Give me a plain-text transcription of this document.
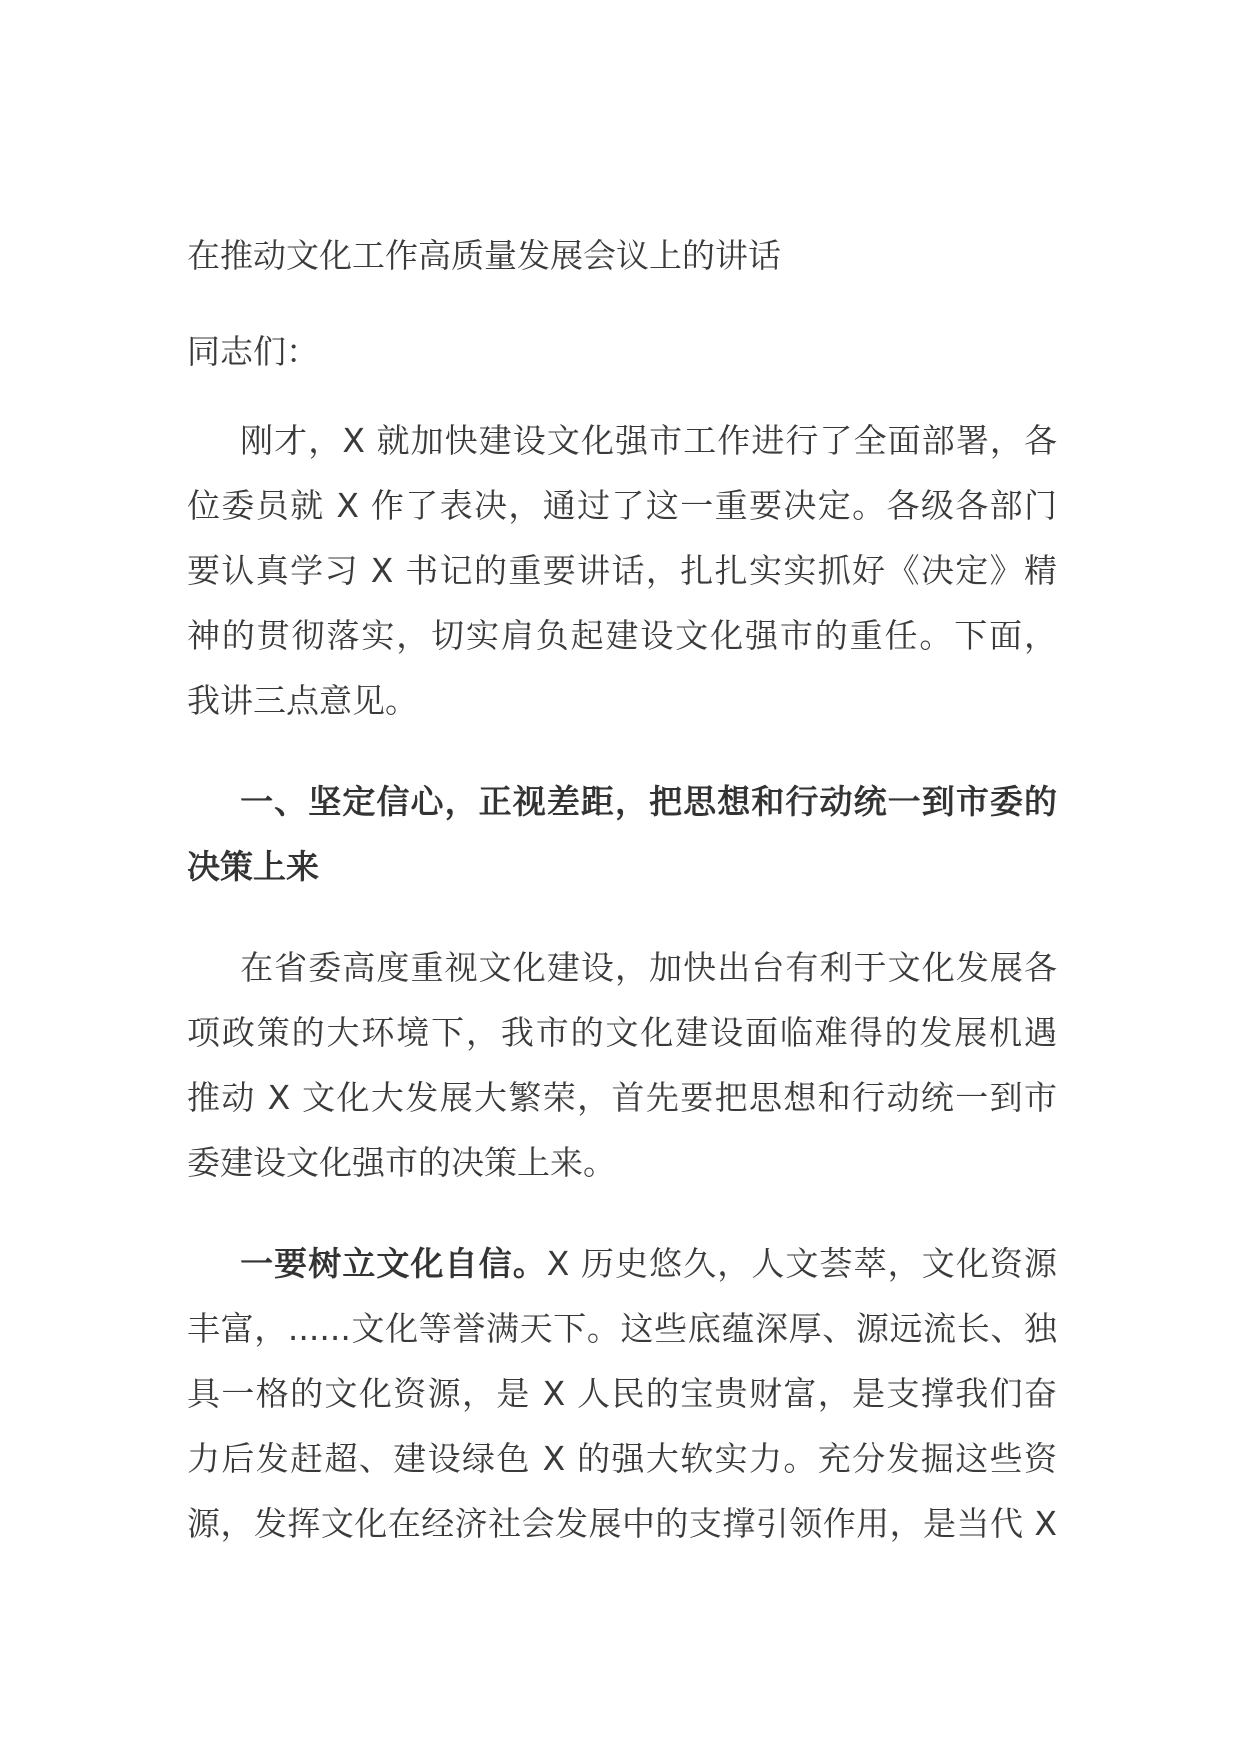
在推动文化工作高质量发展会议上的讲话
同志们：
刚才，X 就加快建设文化强市工作进行了全面部署，各
位委员就 X 作了表决，通过了这一重要决定。各级各部门
要认真学习 X 书记的重要讲话，扎扎实实抓好《决定》精
神的贯彻落实，切实肩负起建设文化强市的重任。下面，
我讲三点意见。
一、坚定信心，正视差距，把思想和行动统一到市委的
决策上来
在省委高度重视文化建设，加快出台有利于文化发展各
项政策的大环境下，我市的文化建设面临难得的发展机遇
推动 X 文化大发展大繁荣，首先要把思想和行动统一到市
委建设文化强市的决策上来。
一要树立文化自信。X 历史悠久，人文荟萃，文化资源
丰富，......文化等誉满天下。这些底蕴深厚、源远流长、独
具一格的文化资源，是 X 人民的宝贵财富，是支撑我们奋
力后发赶超、建设绿色 X 的强大软实力。充分发掘这些资
源，发挥文化在经济社会发展中的支撑引领作用，是当代 X
